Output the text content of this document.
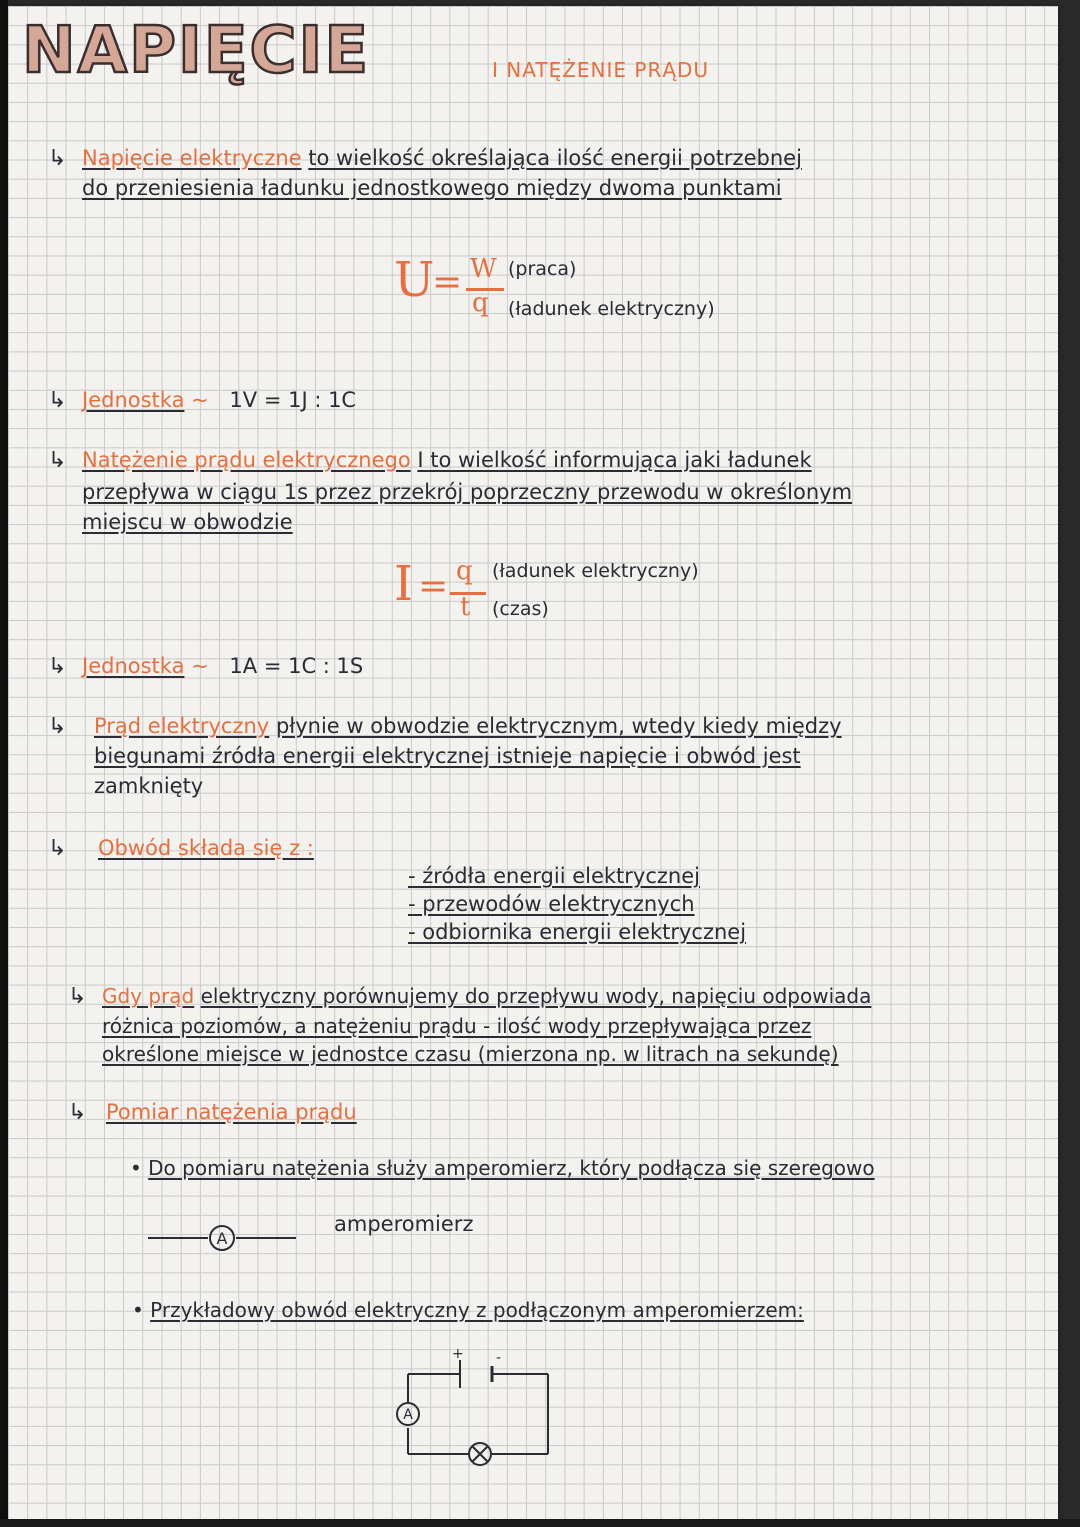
NAPIĘCIE	I NATĘŻENIE PRĄDU
↳ Napięcie elektryczne to wielkość określająca ilość energii potrzebnej
do przeniesienia ładunku jednostkowego między dwoma punktami
U
= W
q
(praca)
(ładunek elektryczny)
↳ Jednostka ~ 1V = 1J : 1C
↳ Natężenie prądu elektrycznego I to wielkość informująca jaki ładunek
przepływa w ciągu 1s przez przekrój poprzeczny przewodu w określonym
miejscu w obwodzie
I = q
t
(ładunek elektryczny)
(czas)
↳ Jednostka ~ 1A = 1C : 1S
↳ Prąd elektryczny płynie w obwodzie elektrycznym, wtedy kiedy między
biegunami źródła energii elektrycznej istnieje napięcie i obwód jest
zamknięty
↳ Obwód składa się z :
- źródła energii elektrycznej
- przewodów elektrycznych
- odbiornika energii elektrycznej
↳ Gdy prąd elektryczny porównujemy do przepływu wody, napięciu odpowiada
różnica poziomów, a natężeniu prądu - ilość wody przepływająca przez
określone miejsce w jednostce czasu (mierzona np. w litrach na sekundę)
↳ Pomiar natężenia prądu
• Do pomiaru natężenia służy amperomierz, który podłącza się szeregowo
A
amperomierz
• Przykładowy obwód elektryczny z podłączonym amperomierzem:
+ -
A
